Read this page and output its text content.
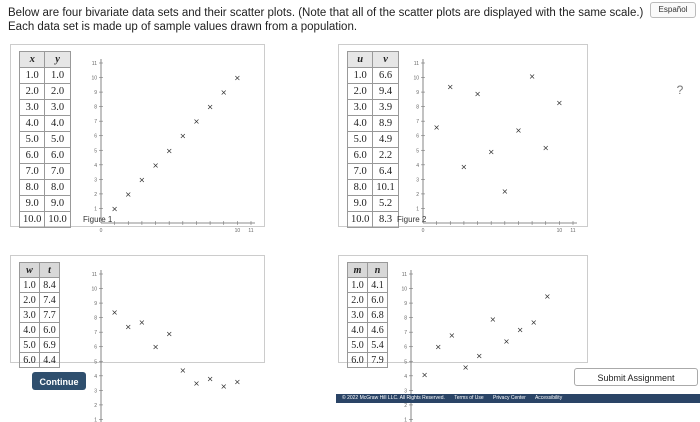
Below are four bivariate data sets and their scatter plots. (Note that all of the scatter plots are displayed with the same scale.)
Each data set is made up of sample values drawn from a population.
Español
?
x	y
1.0	1.0
2.0	2.0
3.0	3.0
4.0	4.0
5.0	5.0
6.0	6.0
7.0	7.0
8.0	8.0
9.0	9.0
10.0	10.0
11
10
9
8
7
6
5
4
3
2
1
0	10 11
×
×
×
×
×
×
×
×
×
×
Figure 1
u	v
1.0	6.6
2.0	9.4
3.0	3.9
4.0	8.9
5.0	4.9
6.0	2.2
7.0	6.4
8.0	10.1
9.0	5.2
10.0	8.3
11
10
9
8
7
6
5
4
3
2
1
0	10 11
×
×
×
×
×
×
×
×
×
×
Figure 2
w	t
1.0	8.4
2.0	7.4
3.0	7.7
4.0	6.0
5.0	6.9
6.0	4.4
11
10
9
8
7
6
5
4
3
2
1
×
× ×
×
×
×
× ×
× ×
m	n
1.0	4.1
2.0	6.0
3.0	6.8
4.0	4.6
5.0	5.4
6.0	7.9
11
10
9
8
7
6
5
4
3
2
1
×
×
×
×
×
×
×
×
×
×
Continue	Submit Assignment
© 2022 McGraw Hill LLC. All Rights Reserved. Terms of Use Privacy Center Accessibility
